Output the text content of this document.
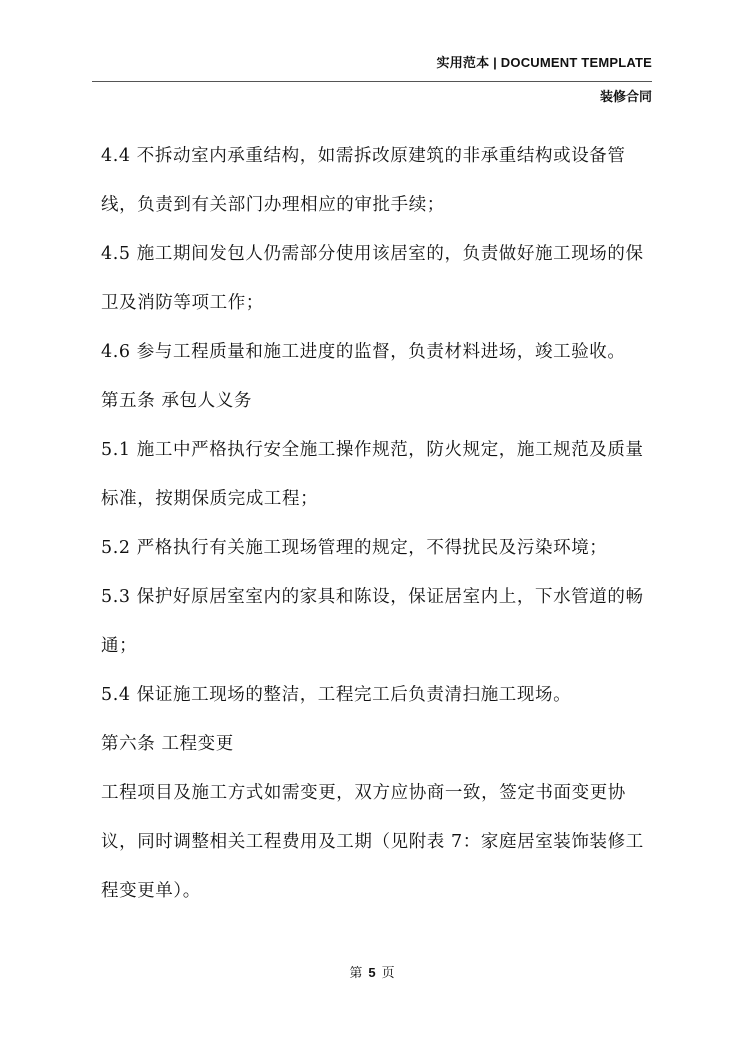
实用范本 | DOCUMENT TEMPLATE
装修合同

4.4 不拆动室内承重结构，如需拆改原建筑的非承重结构或设备管线，负责到有关部门办理相应的审批手续；

4.5 施工期间发包人仍需部分使用该居室的，负责做好施工现场的保卫及消防等项工作；

4.6 参与工程质量和施工进度的监督，负责材料进场，竣工验收。

第五条 承包人义务

5.1 施工中严格执行安全施工操作规范，防火规定，施工规范及质量标准，按期保质完成工程；

5.2 严格执行有关施工现场管理的规定，不得扰民及污染环境；

5.3 保护好原居室室内的家具和陈设，保证居室内上，下水管道的畅通；

5.4 保证施工现场的整洁，工程完工后负责清扫施工现场。

第六条 工程变更

工程项目及施工方式如需变更，双方应协商一致，签定书面变更协议，同时调整相关工程费用及工期（见附表 7：家庭居室装饰装修工程变更单）。

第 5 页
